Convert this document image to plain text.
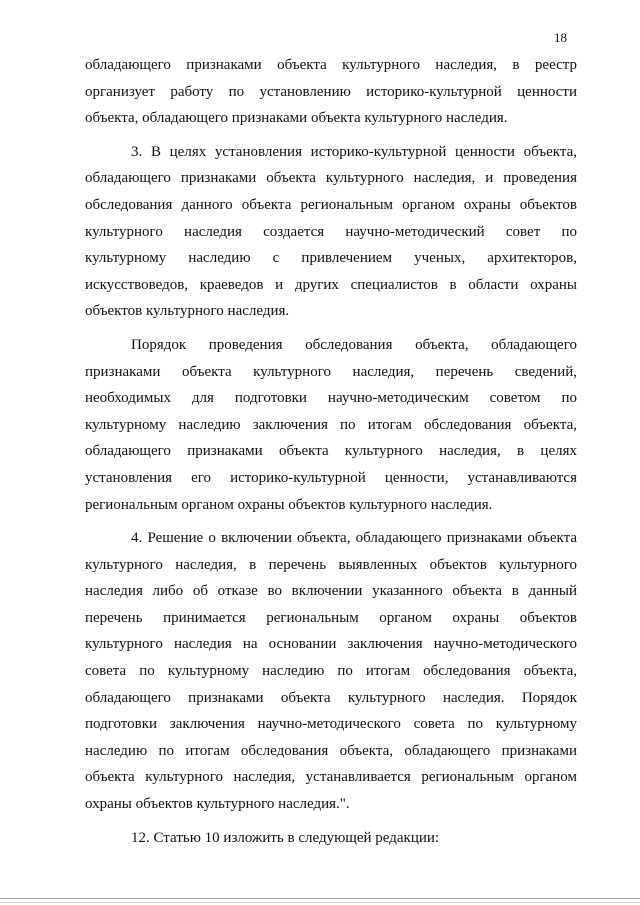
18
обладающего признаками объекта культурного наследия, в реестр
организует работу по установлению историко-культурной ценности
объекта, обладающего признаками объекта культурного наследия.
3. В целях установления историко-культурной ценности объекта,
обладающего признаками объекта культурного наследия, и проведения
обследования данного объекта региональным органом охраны объектов
культурного наследия создается научно-методический совет по
культурному наследию с привлечением ученых, архитекторов,
искусствоведов, краеведов и других специалистов в области охраны
объектов культурного наследия.
Порядок проведения обследования объекта, обладающего
признаками объекта культурного наследия, перечень сведений,
необходимых для подготовки научно-методическим советом по
культурному наследию заключения по итогам обследования объекта,
обладающего признаками объекта культурного наследия, в целях
установления его историко-культурной ценности, устанавливаются
региональным органом охраны объектов культурного наследия.
4. Решение о включении объекта, обладающего признаками объекта
культурного наследия, в перечень выявленных объектов культурного
наследия либо об отказе во включении указанного объекта в данный
перечень принимается региональным органом охраны объектов
культурного наследия на основании заключения научно-методического
совета по культурному наследию по итогам обследования объекта,
обладающего признаками объекта культурного наследия. Порядок
подготовки заключения научно-методического совета по культурному
наследию по итогам обследования объекта, обладающего признаками
объекта культурного наследия, устанавливается региональным органом
охраны объектов культурного наследия.".
12. Статью 10 изложить в следующей редакции:
